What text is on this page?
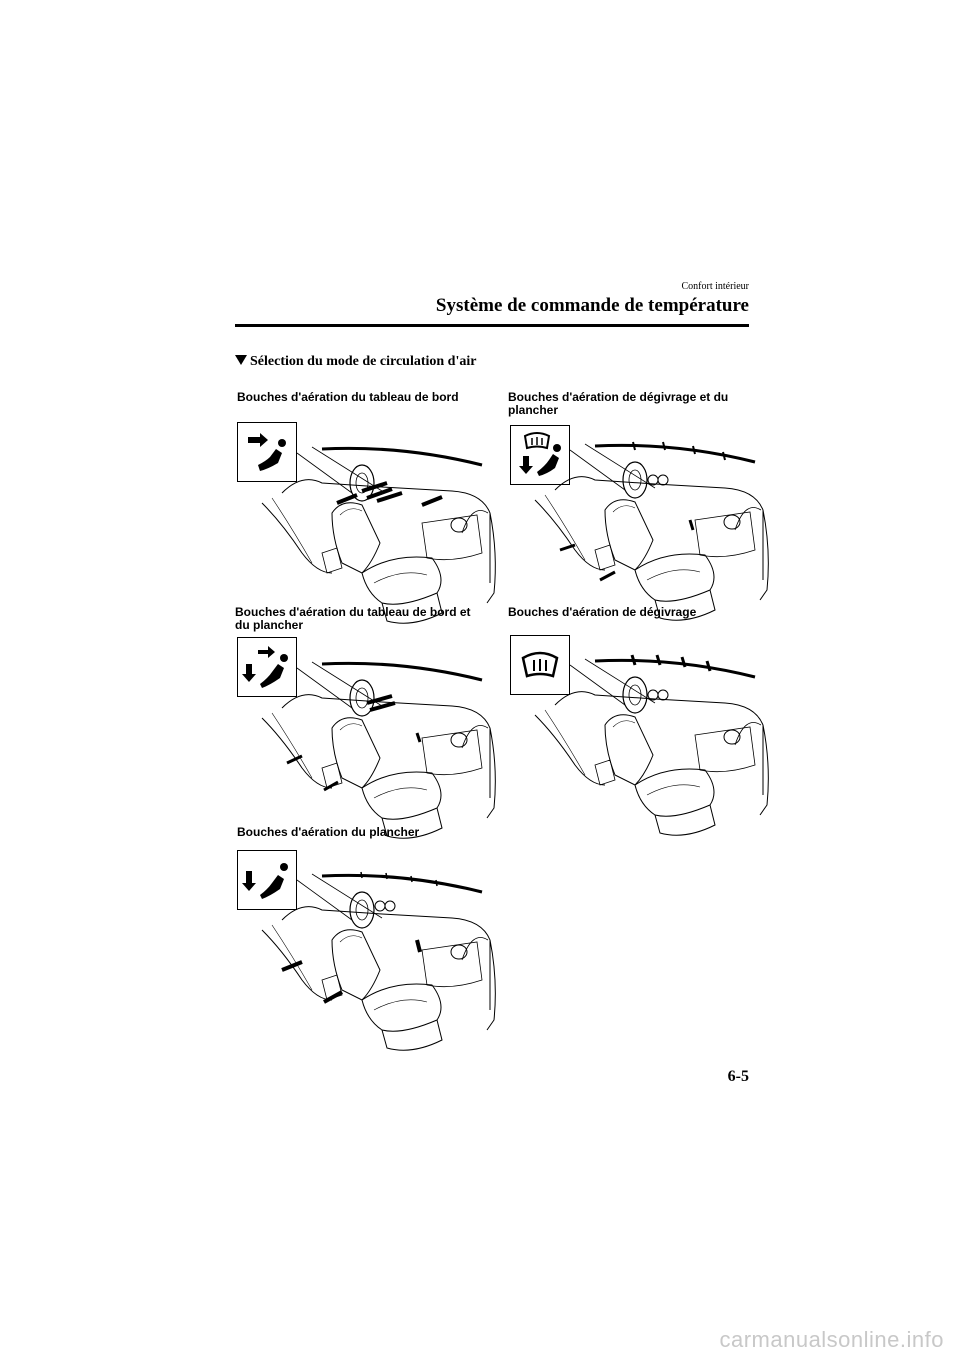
Confort intérieur
Système de commande de température
Sélection du mode de circulation d'air
Bouches d'aération du tableau de bord	Bouches d'aération de dégivrage et du plancher
Bouches d'aération du tableau de bord et du plancher
Bouches d'aération de dégivrage
Bouches d'aération du plancher
6-5
carmanualsonline.info
